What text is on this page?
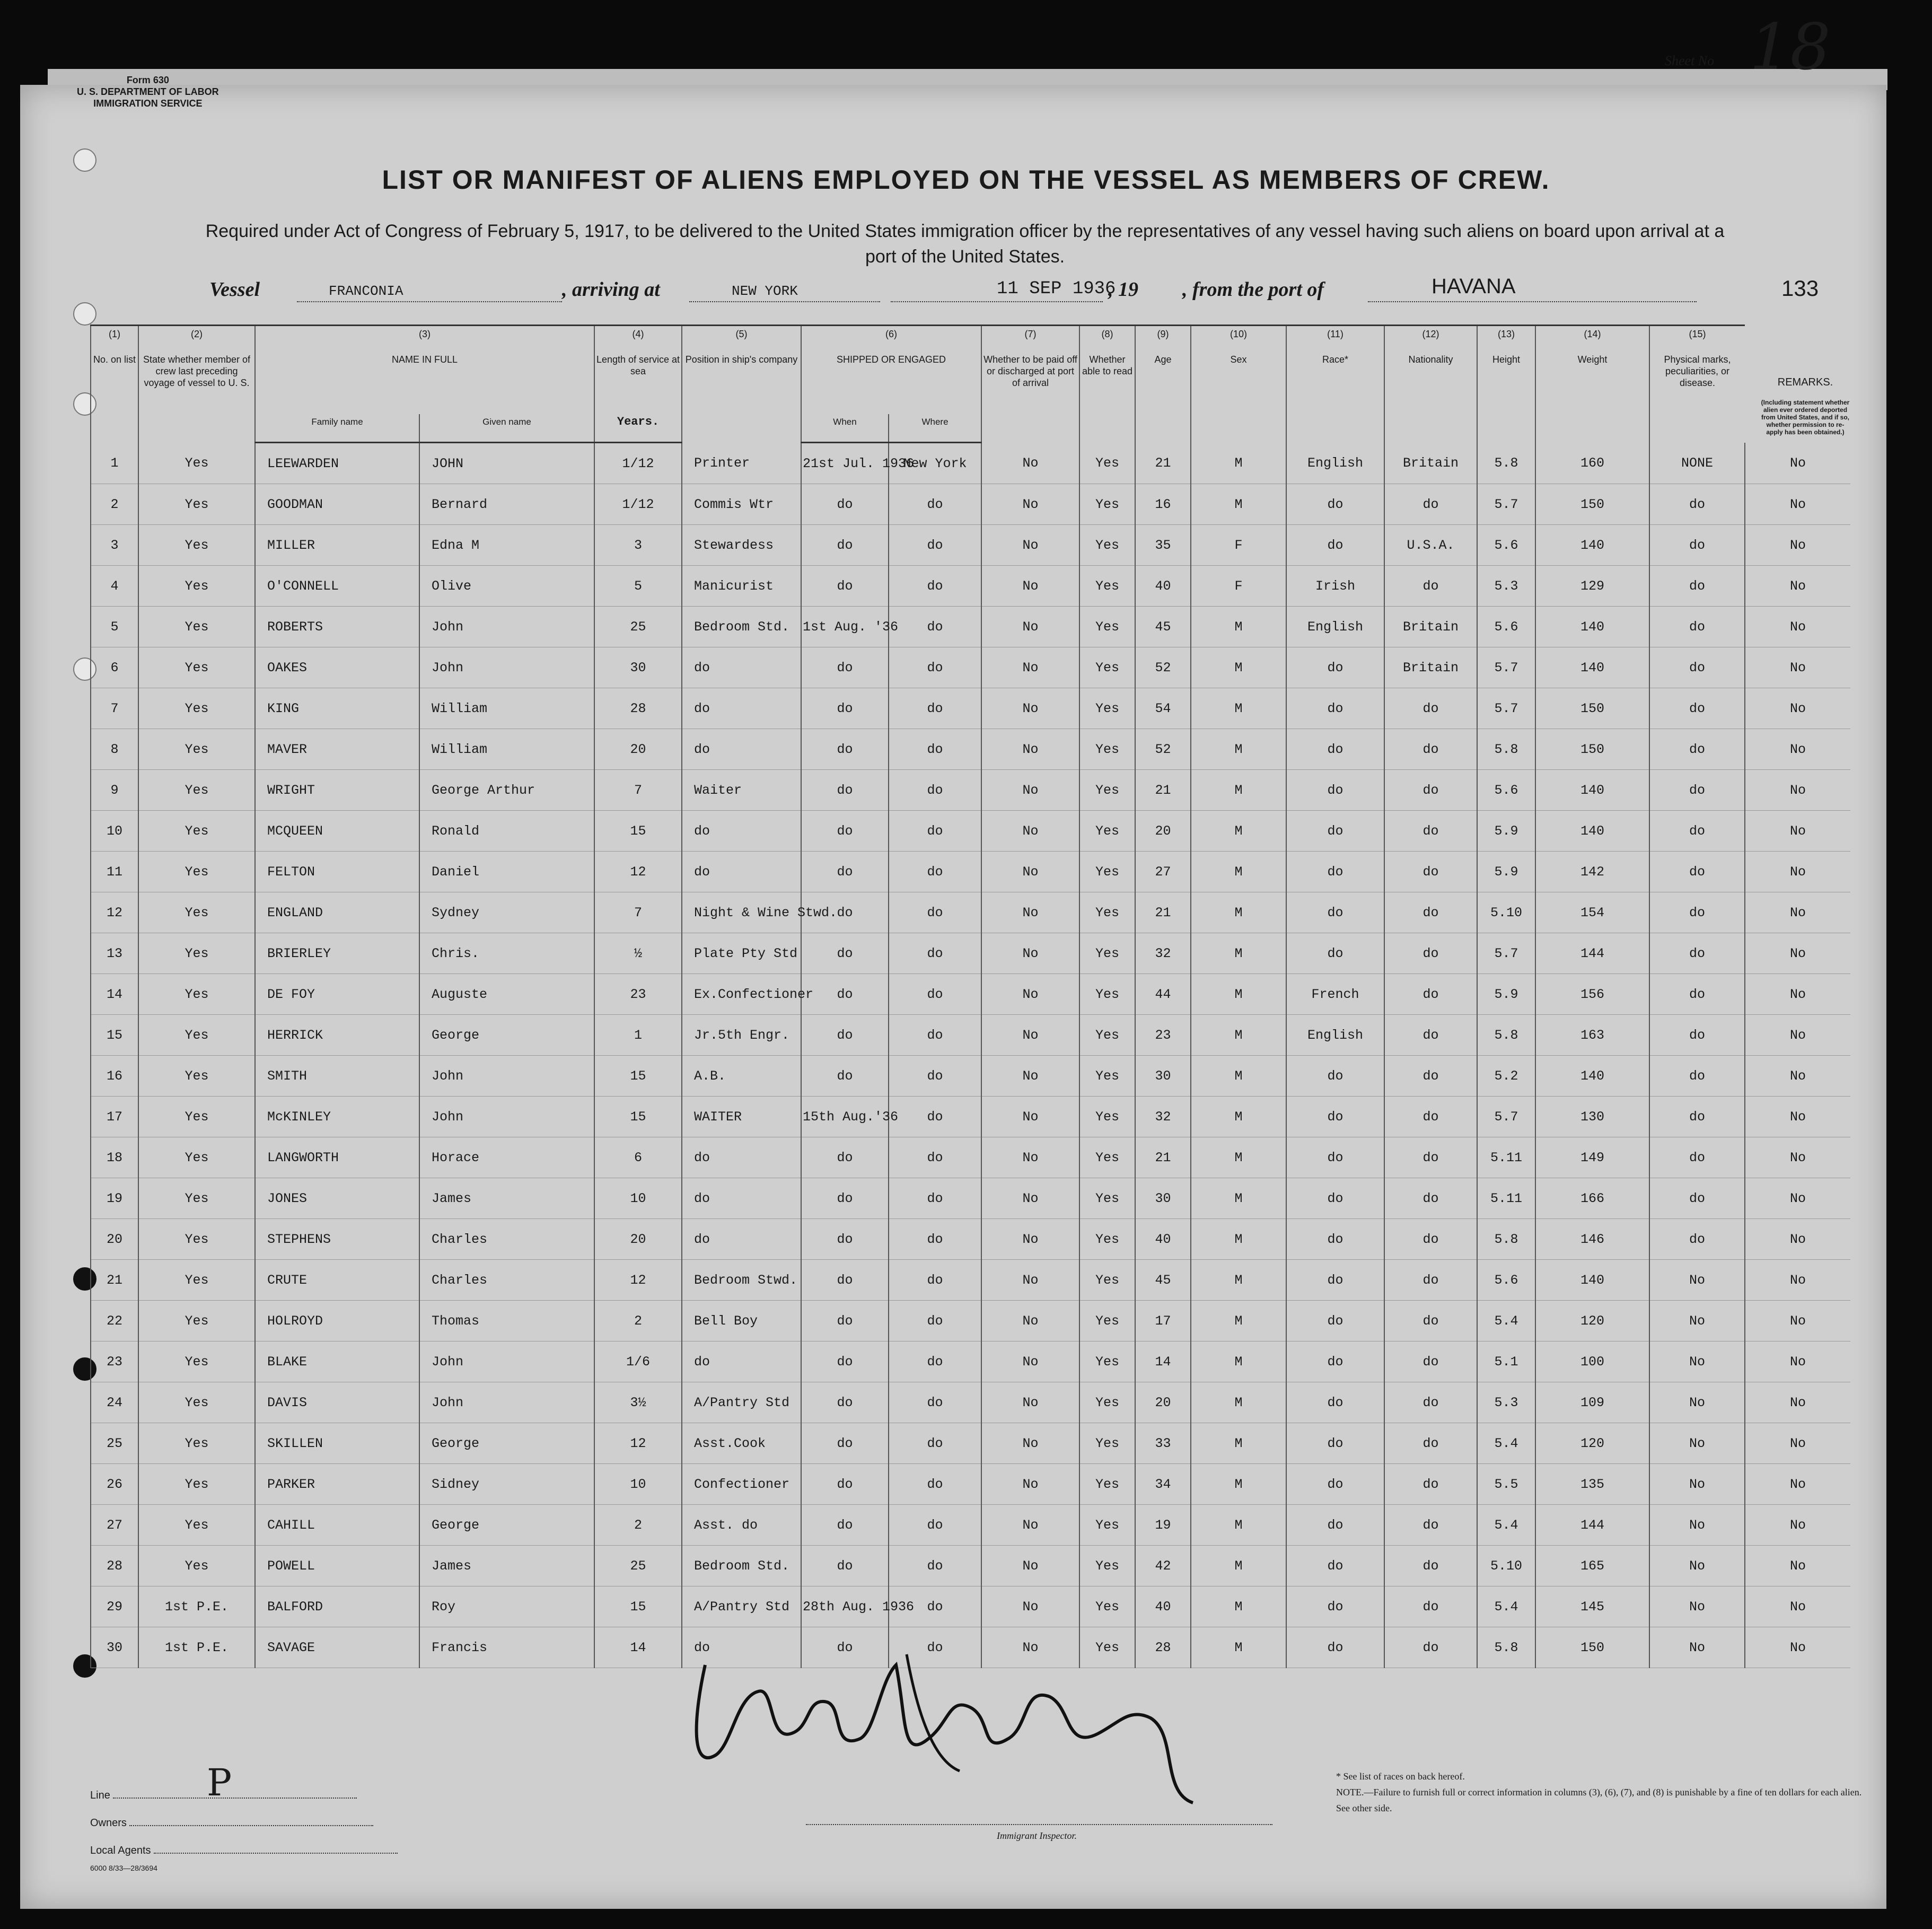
Form 630
U. S. DEPARTMENT OF LABOR
IMMIGRATION SERVICE
Sheet No 18
LIST OR MANIFEST OF ALIENS EMPLOYED ON THE VESSEL AS MEMBERS OF CREW.
Required under Act of Congress of February 5, 1917, to be delivered to the United States immigration officer by the representatives of any vessel having such aliens on board upon arrival at a port of the United States.
Vessel	FRANCONIA	, arriving at	NEW YORK	11 SEP 1936
, 19 , from the port of	HAVANA	133
(1)	(2)	(3)		(4)	(5)	(6)		(7)	(8)	(9)	(10)	(11)	(12)	(13)	(14)	(15)	
No. on list	State whether member of crew last preceding voyage of vessel to U. S.	NAME IN FULL		Length of service at sea	Position in ship's company	SHIPPED OR ENGAGED		Whether to be paid off or discharged at port of arrival	Whether able to read	Age	Sex	Race*	Nationality	Height	Weight	Physical marks, peculiarities, or disease.	
		Family name	Given name	Years.		When	Where										
1	Yes	LEEWARDEN	JOHN	1/12	Printer	21st Jul. 1936	New York	No	Yes	21	M	English	Britain	5.8	160	NONE	No
2	Yes	GOODMAN	Bernard	1/12	Commis Wtr	do	do	No	Yes	16	M	do	do	5.7	150	do	No
3	Yes	MILLER	Edna M	3	Stewardess	do	do	No	Yes	35	F	do	U.S.A.	5.6	140	do	No
4	Yes	O'CONNELL	Olive	5	Manicurist	do	do	No	Yes	40	F	Irish	do	5.3	129	do	No
5	Yes	ROBERTS	John	25	Bedroom Std.	1st Aug. '36	do	No	Yes	45	M	English	Britain	5.6	140	do	No
6	Yes	OAKES	John	30	do	do	do	No	Yes	52	M	do	Britain	5.7	140	do	No
7	Yes	KING	William	28	do	do	do	No	Yes	54	M	do	do	5.7	150	do	No
8	Yes	MAVER	William	20	do	do	do	No	Yes	52	M	do	do	5.8	150	do	No
9	Yes	WRIGHT	George Arthur	7	Waiter	do	do	No	Yes	21	M	do	do	5.6	140	do	No
10	Yes	MCQUEEN	Ronald	15	do	do	do	No	Yes	20	M	do	do	5.9	140	do	No
11	Yes	FELTON	Daniel	12	do	do	do	No	Yes	27	M	do	do	5.9	142	do	No
12	Yes	ENGLAND	Sydney	7	Night & Wine Stwd.	do	do	No	Yes	21	M	do	do	5.10	154	do	No
13	Yes	BRIERLEY	Chris.	½	Plate Pty Std	do	do	No	Yes	32	M	do	do	5.7	144	do	No
14	Yes	DE FOY	Auguste	23	Ex.Confectioner	do	do	No	Yes	44	M	French	do	5.9	156	do	No
15	Yes	HERRICK	George	1	Jr.5th Engr.	do	do	No	Yes	23	M	English	do	5.8	163	do	No
16	Yes	SMITH	John	15	A.B.	do	do	No	Yes	30	M	do	do	5.2	140	do	No
17	Yes	McKINLEY	John	15	WAITER	15th Aug.'36	do	No	Yes	32	M	do	do	5.7	130	do	No
18	Yes	LANGWORTH	Horace	6	do	do	do	No	Yes	21	M	do	do	5.11	149	do	No
19	Yes	JONES	James	10	do	do	do	No	Yes	30	M	do	do	5.11	166	do	No
20	Yes	STEPHENS	Charles	20	do	do	do	No	Yes	40	M	do	do	5.8	146	do	No
21	Yes	CRUTE	Charles	12	Bedroom Stwd.	do	do	No	Yes	45	M	do	do	5.6	140	No	No
22	Yes	HOLROYD	Thomas	2	Bell Boy	do	do	No	Yes	17	M	do	do	5.4	120	No	No
23	Yes	BLAKE	John	1/6	do	do	do	No	Yes	14	M	do	do	5.1	100	No	No
24	Yes	DAVIS	John	3½	A/Pantry Std	do	do	No	Yes	20	M	do	do	5.3	109	No	No
25	Yes	SKILLEN	George	12	Asst.Cook	do	do	No	Yes	33	M	do	do	5.4	120	No	No
26	Yes	PARKER	Sidney	10	Confectioner	do	do	No	Yes	34	M	do	do	5.5	135	No	No
27	Yes	CAHILL	George	2	Asst. do	do	do	No	Yes	19	M	do	do	5.4	144	No	No
28	Yes	POWELL	James	25	Bedroom Std.	do	do	No	Yes	42	M	do	do	5.10	165	No	No
29	1st P.E.	BALFORD	Roy	15	A/Pantry Std	28th Aug. 1936	do	No	Yes	40	M	do	do	5.4	145	No	No
30	1st P.E.	SAVAGE	Francis	14	do	do	do	No	Yes	28	M	do	do	5.8	150	No	No
REMARKS.
(Including statement whether alien ever ordered deported from United States, and if so, whether permission to re-apply has been obtained.)
Immigrant Inspector.
Line	P
Owners
Local Agents
6000 8/33—28/3694
* See list of races on back hereof.
NOTE.—Failure to furnish full or correct information in columns (3), (6), (7), and (8) is punishable by a fine of ten dollars for each alien. See other side.
